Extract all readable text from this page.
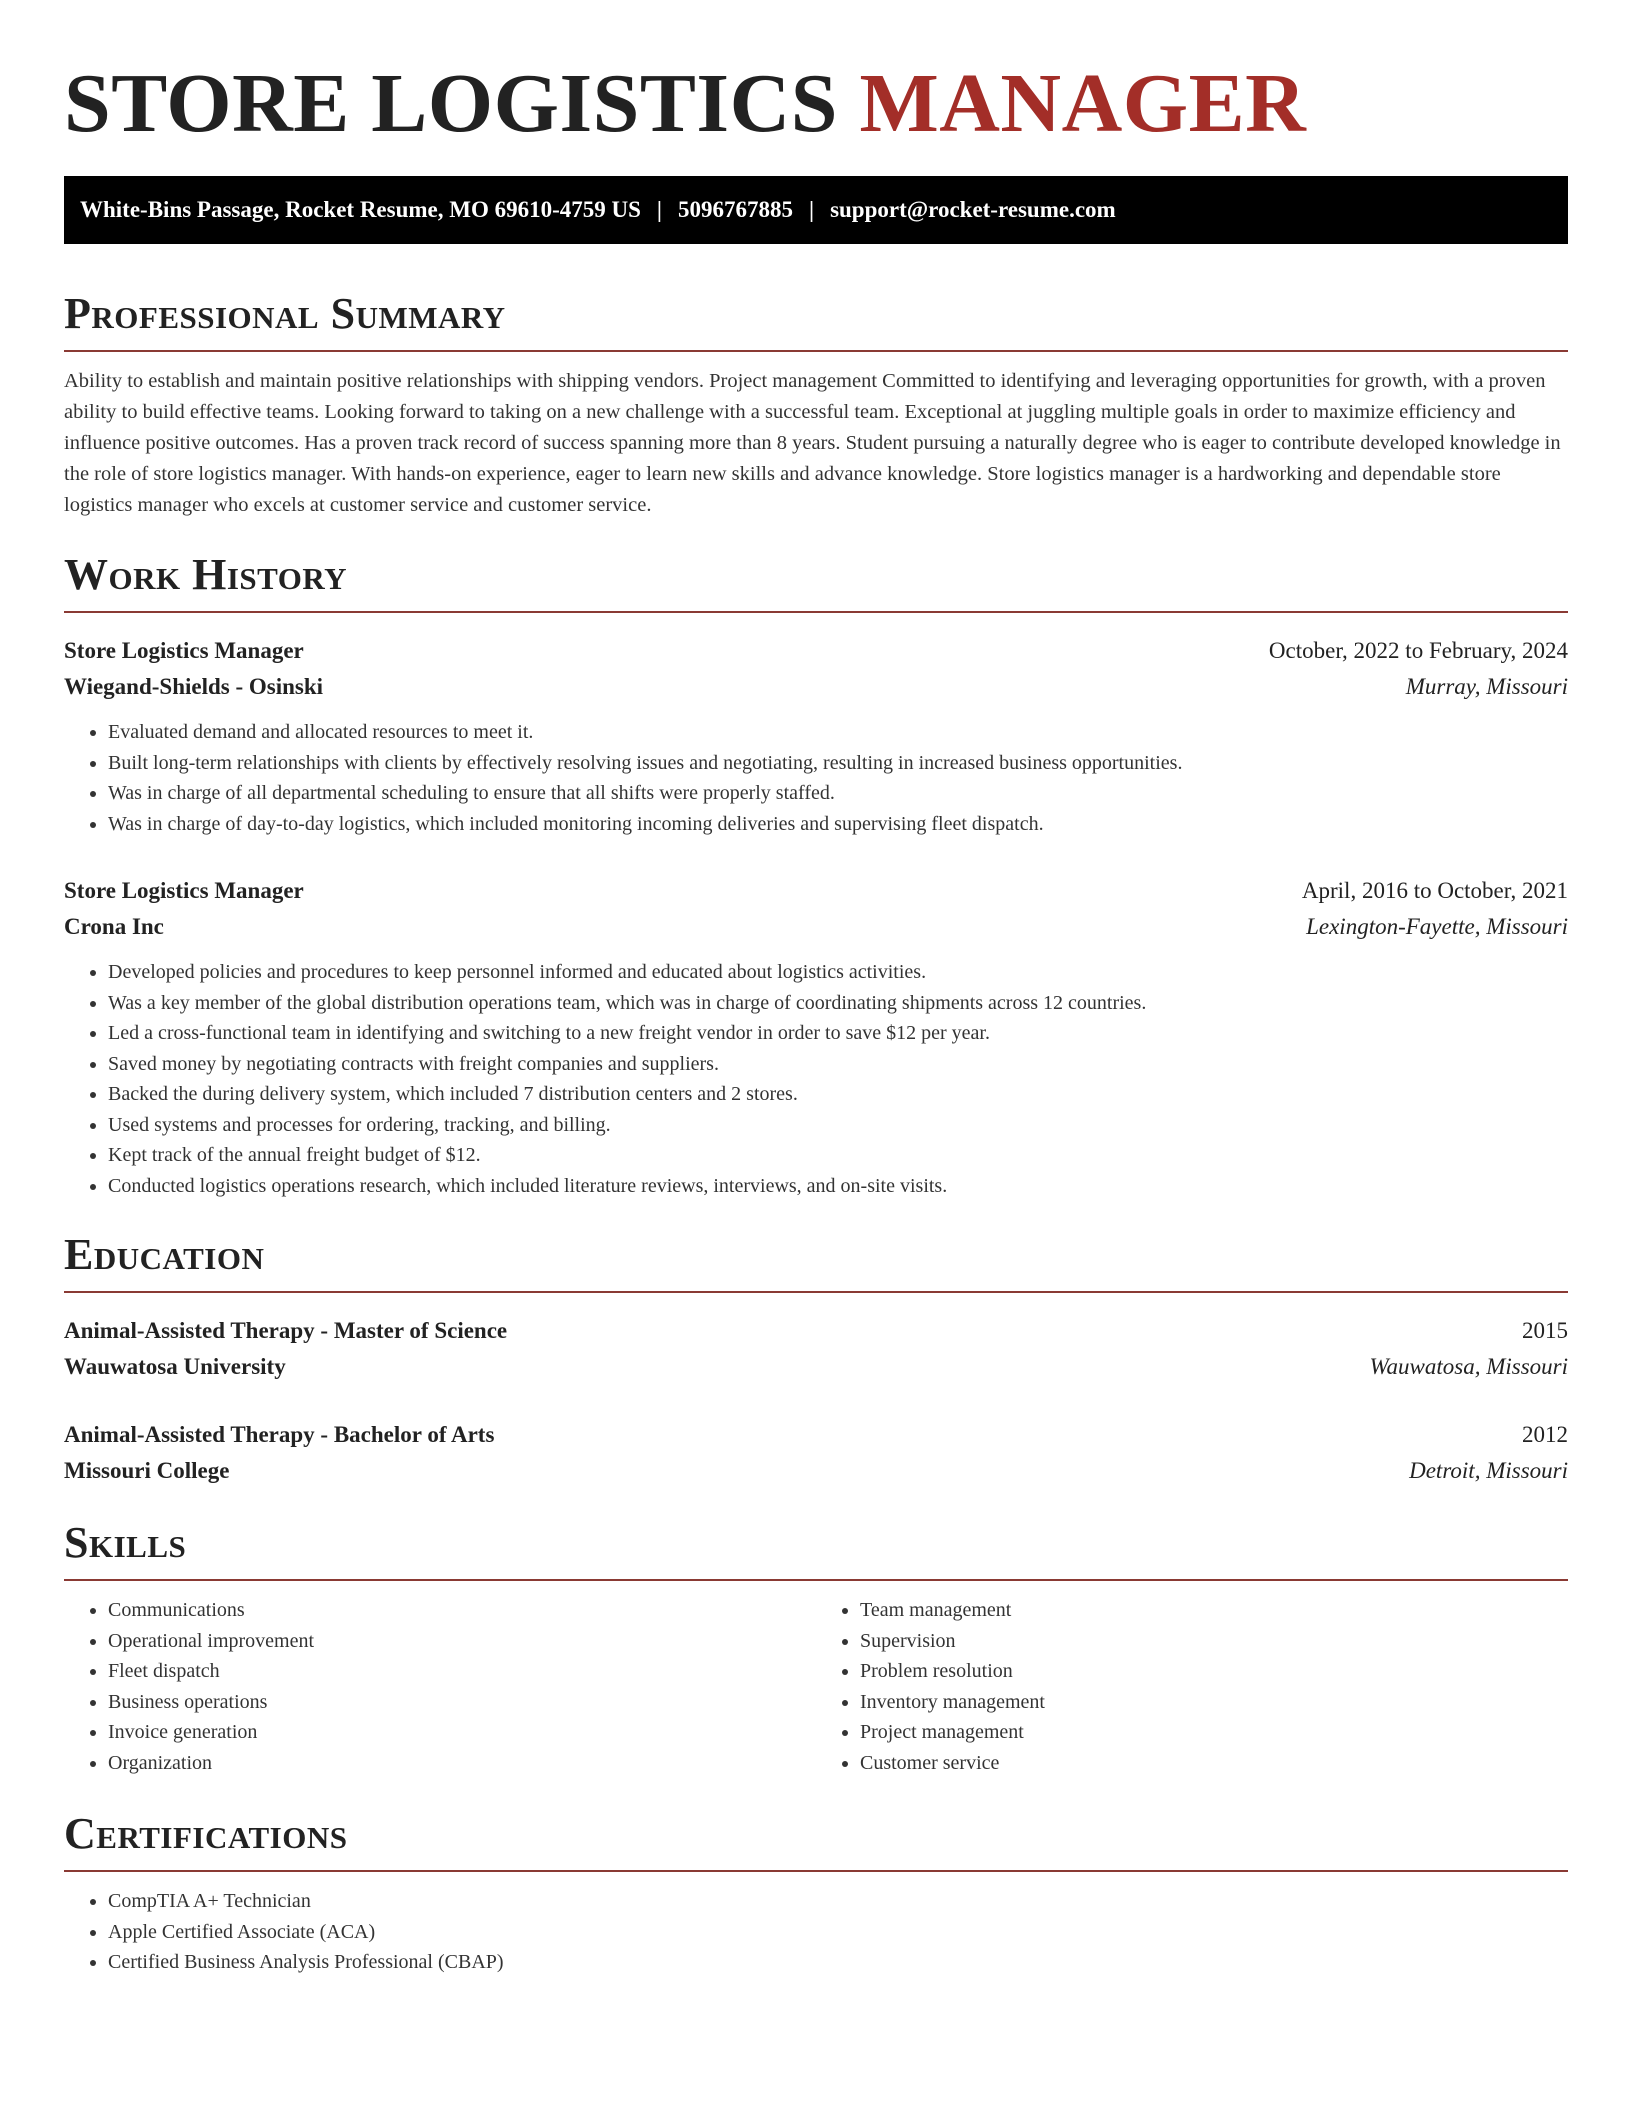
STORE LOGISTICS MANAGER
White-Bins Passage, Rocket Resume, MO 69610-4759 US | 5096767885 | support@rocket-resume.com
Professional Summary

Ability to establish and maintain positive relationships with shipping vendors. Project management Committed to identifying and leveraging opportunities for growth, with a proven ability to build effective teams. Looking forward to taking on a new challenge with a successful team. Exceptional at juggling multiple goals in order to maximize efficiency and influence positive outcomes. Has a proven track record of success spanning more than 8 years. Student pursuing a naturally degree who is eager to contribute developed knowledge in the role of store logistics manager. With hands-on experience, eager to learn new skills and advance knowledge. Store logistics manager is a hardworking and dependable store logistics manager who excels at customer service and customer service.

Work History
Store Logistics Manager	October, 2022 to February, 2024
Wiegand-Shields - Osinski	Murray, Missouri
• Evaluated demand and allocated resources to meet it.
• Built long-term relationships with clients by effectively resolving issues and negotiating, resulting in increased business opportunities.
• Was in charge of all departmental scheduling to ensure that all shifts were properly staffed.
• Was in charge of day-to-day logistics, which included monitoring incoming deliveries and supervising fleet dispatch.
Store Logistics Manager	April, 2016 to October, 2021
Crona Inc	Lexington-Fayette, Missouri
• Developed policies and procedures to keep personnel informed and educated about logistics activities.
• Was a key member of the global distribution operations team, which was in charge of coordinating shipments across 12 countries.
• Led a cross-functional team in identifying and switching to a new freight vendor in order to save $12 per year.
• Saved money by negotiating contracts with freight companies and suppliers.
• Backed the during delivery system, which included 7 distribution centers and 2 stores.
• Used systems and processes for ordering, tracking, and billing.
• Kept track of the annual freight budget of $12.
• Conducted logistics operations research, which included literature reviews, interviews, and on-site visits.
Education
Animal-Assisted Therapy - Master of Science	2015
Wauwatosa University	Wauwatosa, Missouri
Animal-Assisted Therapy - Bachelor of Arts	2012
Missouri College	Detroit, Missouri
Skills
• Communications
• Operational improvement
• Fleet dispatch
• Business operations
• Invoice generation
• Organization
• Team management
• Supervision
• Problem resolution
• Inventory management
• Project management
• Customer service
Certifications
• CompTIA A+ Technician
• Apple Certified Associate (ACA)
• Certified Business Analysis Professional (CBAP)
